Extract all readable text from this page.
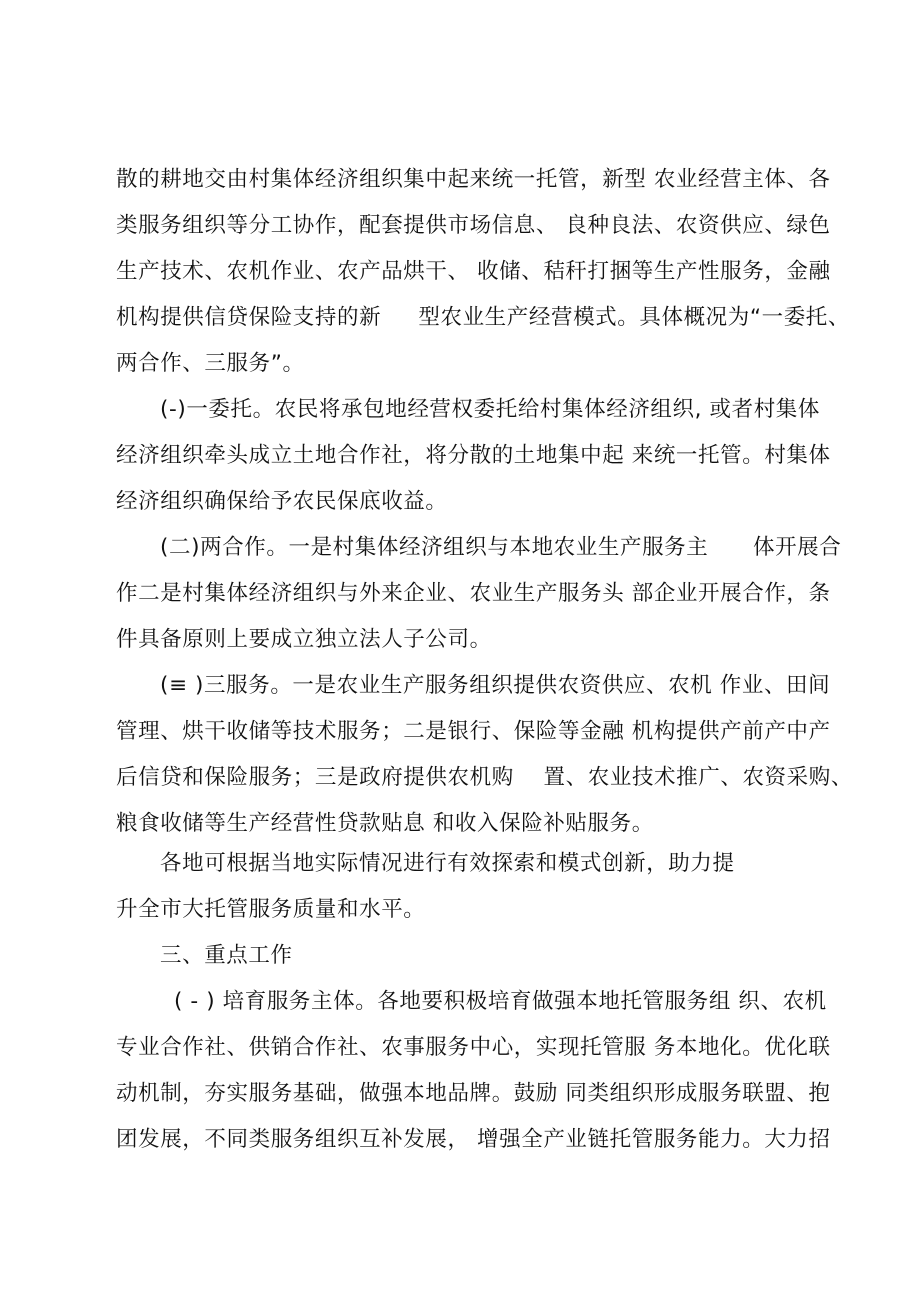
散的耕地交由村集体经济组织集中起来统一托管，新型 农业经营主体、各
类服务组织等分工协作，配套提供市场信息、 良种良法、农资供应、绿色
生产技术、农机作业、农产品烘干、 收储、秸秆打捆等生产性服务，金融
机构提供信贷保险支持的新     型农业生产经营模式。具体概况为“一委托、
两合作、三服务”。
(-)一委托。农民将承包地经营权委托给村集体经济组织, 或者村集体
经济组织牵头成立土地合作社，将分散的土地集中起 来统一托管。村集体
经济组织确保给予农民保底收益。
(二)两合作。一是村集体经济组织与本地农业生产服务主      体开展合
作二是村集体经济组织与外来企业、农业生产服务头 部企业开展合作，条
件具备原则上要成立独立法人子公司。
(≡ )三服务。一是农业生产服务组织提供农资供应、农机 作业、田间
管理、烘干收储等技术服务；二是银行、保险等金融 机构提供产前产中产
后信贷和保险服务；三是政府提供农机购    置、农业技术推广、农资采购、
粮食收储等生产经营性贷款贴息 和收入保险补贴服务。
各地可根据当地实际情况进行有效探索和模式创新，助力提
升全市大托管服务质量和水平。
三、重点工作
( - ) 培育服务主体。各地要积极培育做强本地托管服务组 织、农机
专业合作社、供销合作社、农事服务中心，实现托管服 务本地化。优化联
动机制，夯实服务基础，做强本地品牌。鼓励 同类组织形成服务联盟、抱
团发展，不同类服务组织互补发展， 增强全产业链托管服务能力。大力招
